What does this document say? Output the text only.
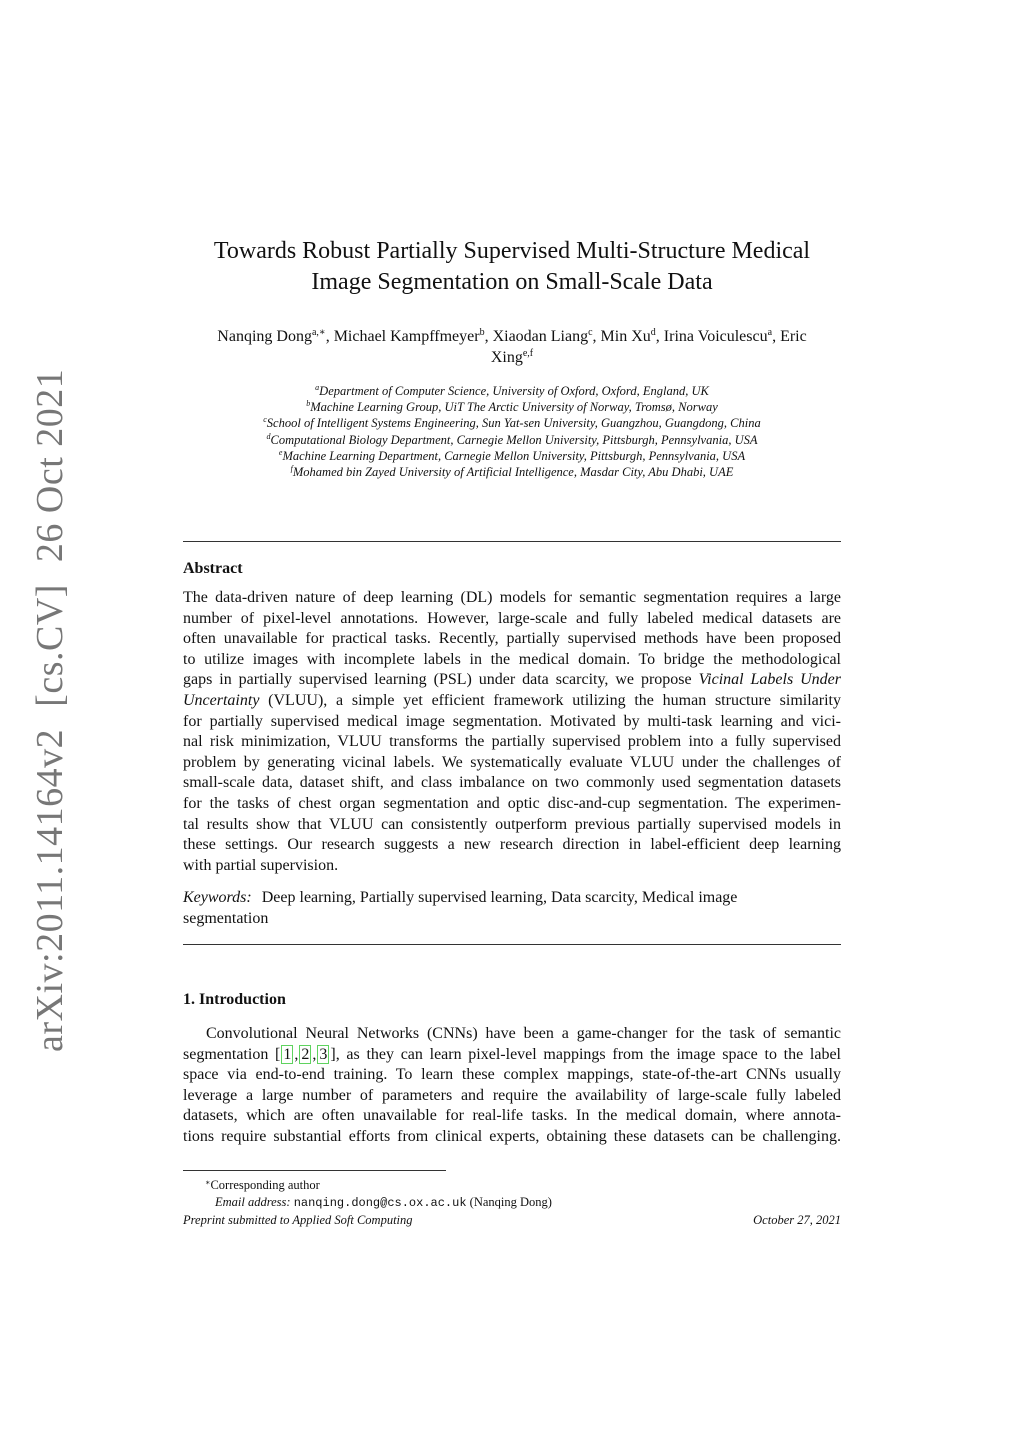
arXiv:2011.14164v2[cs.CV]26 Oct 2021
Towards Robust Partially Supervised Multi-Structure Medical
Image Segmentation on Small-Scale Data
Nanqing Dong$^{a,∗}$, Michael Kampffmeyer$^b$, Xiaodan Liang$^c$, Min Xu$^d$, Irina Voiculescu$^a$, Eric
Xing$^{e,f}$
$^a$Department of Computer Science, University of Oxford, Oxford, England, UK
$^b$Machine Learning Group, UiT The Arctic University of Norway, Tromsø, Norway
$^c$School of Intelligent Systems Engineering, Sun Yat-sen University, Guangzhou, Guangdong, China
$^d$Computational Biology Department, Carnegie Mellon University, Pittsburgh, Pennsylvania, USA
$^e$Machine Learning Department, Carnegie Mellon University, Pittsburgh, Pennsylvania, USA
$^f$Mohamed bin Zayed University of Artificial Intelligence, Masdar City, Abu Dhabi, UAE
Abstract
The data-driven nature of deep learning (DL) models for semantic segmentation requires a large
number of pixel-level annotations. However, large-scale and fully labeled medical datasets are
often unavailable for practical tasks. Recently, partially supervised methods have been proposed
to utilize images with incomplete labels in the medical domain. To bridge the methodological
gaps in partially supervised learning (PSL) under data scarcity, we propose Vicinal Labels Under
Uncertainty (VLUU), a simple yet efficient framework utilizing the human structure similarity
for partially supervised medical image segmentation. Motivated by multi-task learning and vici-
nal risk minimization, VLUU transforms the partially supervised problem into a fully supervised
problem by generating vicinal labels. We systematically evaluate VLUU under the challenges of
small-scale data, dataset shift, and class imbalance on two commonly used segmentation datasets
for the tasks of chest organ segmentation and optic disc-and-cup segmentation. The experimen-
tal results show that VLUU can consistently outperform previous partially supervised models in
these settings. Our research suggests a new research direction in label-efficient deep learning
with partial supervision.
Keywords: Deep learning, Partially supervised learning, Data scarcity, Medical image
segmentation
1. Introduction
Convolutional Neural Networks (CNNs) have been a game-changer for the task of semantic
segmentation [ 1 , 2 , 3 ], as they can learn pixel-level mappings from the image space to the label
space via end-to-end training. To learn these complex mappings, state-of-the-art CNNs usually
leverage a large number of parameters and require the availability of large-scale fully labeled
datasets, which are often unavailable for real-life tasks. In the medical domain, where annota-
tions require substantial efforts from clinical experts, obtaining these datasets can be challenging.
∗Corresponding author
Email address: nanqing.dong@cs.ox.ac.uk (Nanqing Dong)
Preprint submitted to Applied Soft Computing	October 27, 2021
